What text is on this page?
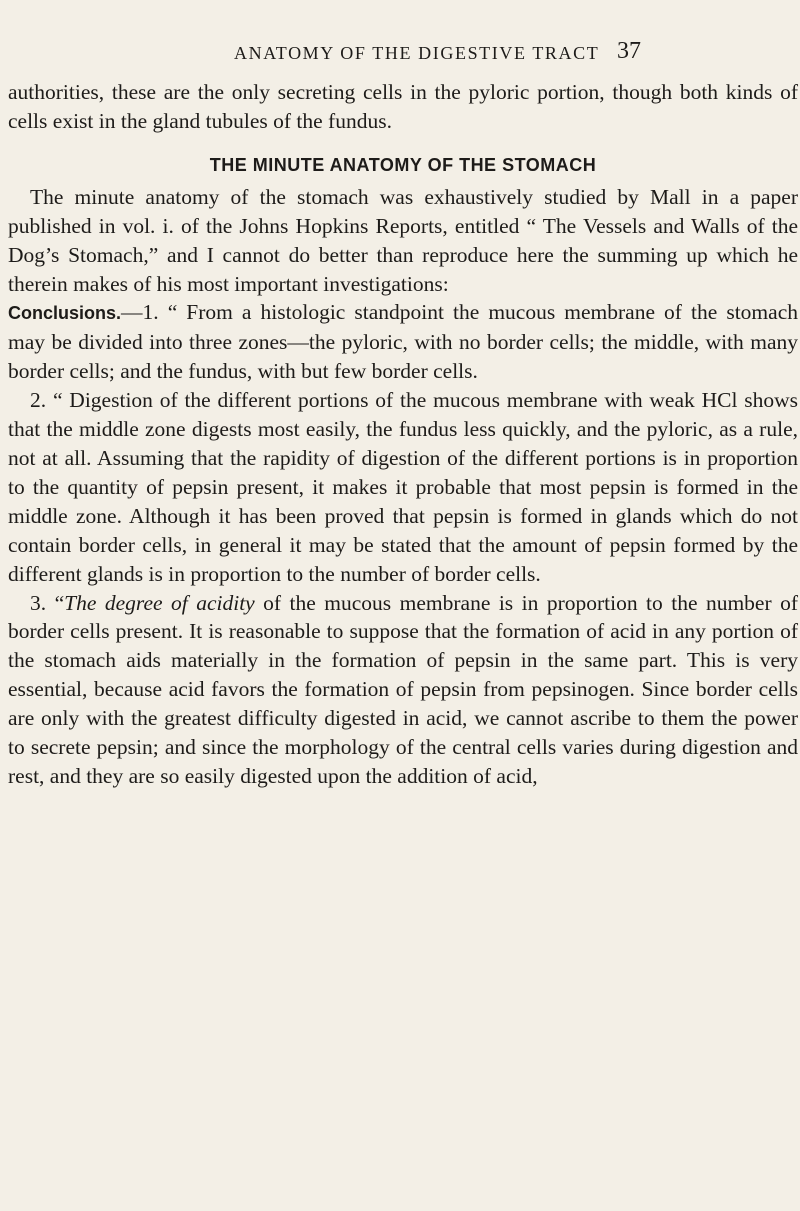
ANATOMY OF THE DIGESTIVE TRACT 37

authorities, these are the only secreting cells in the pyloric portion, though both kinds of cells exist in the gland tubules of the fundus.

THE MINUTE ANATOMY OF THE STOMACH

The minute anatomy of the stomach was exhaustively studied by Mall in a paper published in vol. i. of the Johns Hopkins Reports, entitled “ The Vessels and Walls of the Dog’s Stomach,” and I cannot do better than reproduce here the summing up which he therein makes of his most important investigations:

Conclusions.—1. “ From a histologic standpoint the mucous membrane of the stomach may be divided into three zones—the pyloric, with no border cells; the middle, with many border cells; and the fundus, with but few border cells.

2. “ Digestion of the different portions of the mucous membrane with weak HCl shows that the middle zone digests most easily, the fundus less quickly, and the pyloric, as a rule, not at all. Assuming that the rapidity of digestion of the different portions is in proportion to the quantity of pepsin present, it makes it probable that most pepsin is formed in the middle zone. Although it has been proved that pepsin is formed in glands which do not contain border cells, in general it may be stated that the amount of pepsin formed by the different glands is in proportion to the number of border cells.

3. “The degree of acidity of the mucous membrane is in proportion to the number of border cells present. It is reasonable to suppose that the formation of acid in any portion of the stomach aids materially in the formation of pepsin in the same part. This is very essential, because acid favors the formation of pepsin from pepsinogen. Since border cells are only with the greatest difficulty digested in acid, we cannot ascribe to them the power to secrete pepsin; and since the morphology of the central cells varies during digestion and rest, and they are so easily digested upon the addition of acid,
